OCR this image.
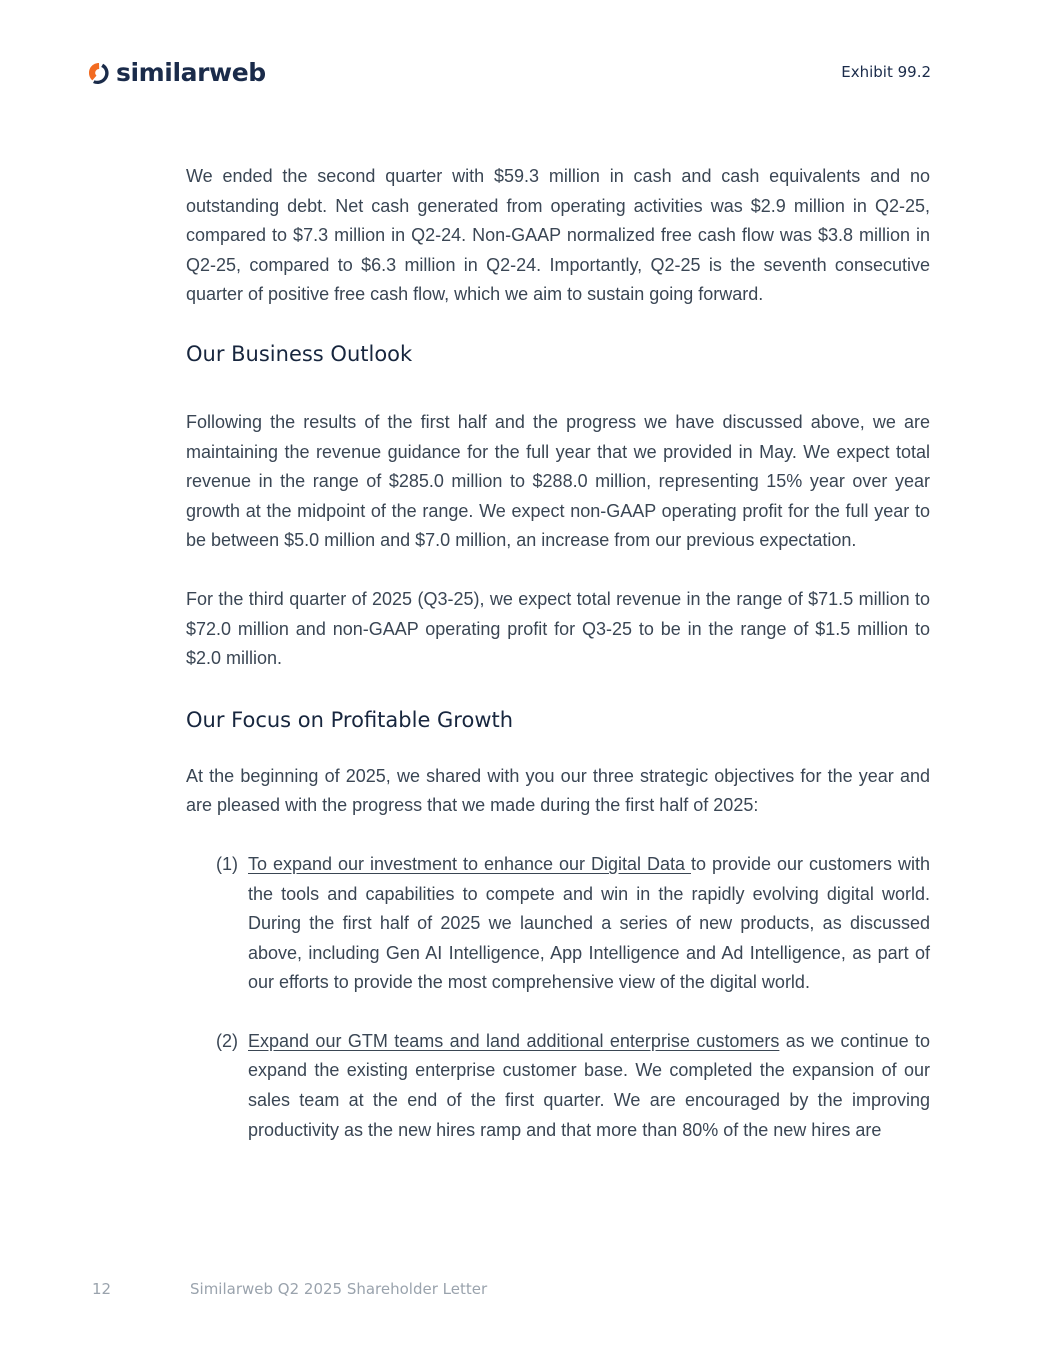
similarweb	Exhibit 99.2

We ended the second quarter with $59.3 million in cash and cash equivalents and no outstanding debt. Net cash generated from operating activities was $2.9 million in Q2-25, compared to $7.3 million in Q2-24. Non-GAAP normalized free cash flow was $3.8 million in Q2-25, compared to $6.3 million in Q2-24. Importantly, Q2-25 is the seventh consecutive quarter of positive free cash flow, which we aim to sustain going forward.

Our Business Outlook

Following the results of the first half and the progress we have discussed above, we are maintaining the revenue guidance for the full year that we provided in May. We expect total revenue in the range of $285.0 million to $288.0 million, representing 15% year over year growth at the midpoint of the range. We expect non-GAAP operating profit for the full year to be between $5.0 million and $7.0 million, an increase from our previous expectation.

For the third quarter of 2025 (Q3-25), we expect total revenue in the range of $71.5 million to $72.0 million and non-GAAP operating profit for Q3-25 to be in the range of $1.5 million to $2.0 million.

Our Focus on Profitable Growth

At the beginning of 2025, we shared with you our three strategic objectives for the year and are pleased with the progress that we made during the first half of 2025:

(1) To expand our investment to enhance our Digital Data to provide our customers with the tools and capabilities to compete and win in the rapidly evolving digital world. During the first half of 2025 we launched a series of new products, as discussed above, including Gen AI Intelligence, App Intelligence and Ad Intelligence, as part of our efforts to provide the most comprehensive view of the digital world.

(2) Expand our GTM teams and land additional enterprise customers as we continue to expand the existing enterprise customer base. We completed the expansion of our sales team at the end of the first quarter. We are encouraged by the improving productivity as the new hires ramp and that more than 80% of the new hires are

12	Similarweb Q2 2025 Shareholder Letter
